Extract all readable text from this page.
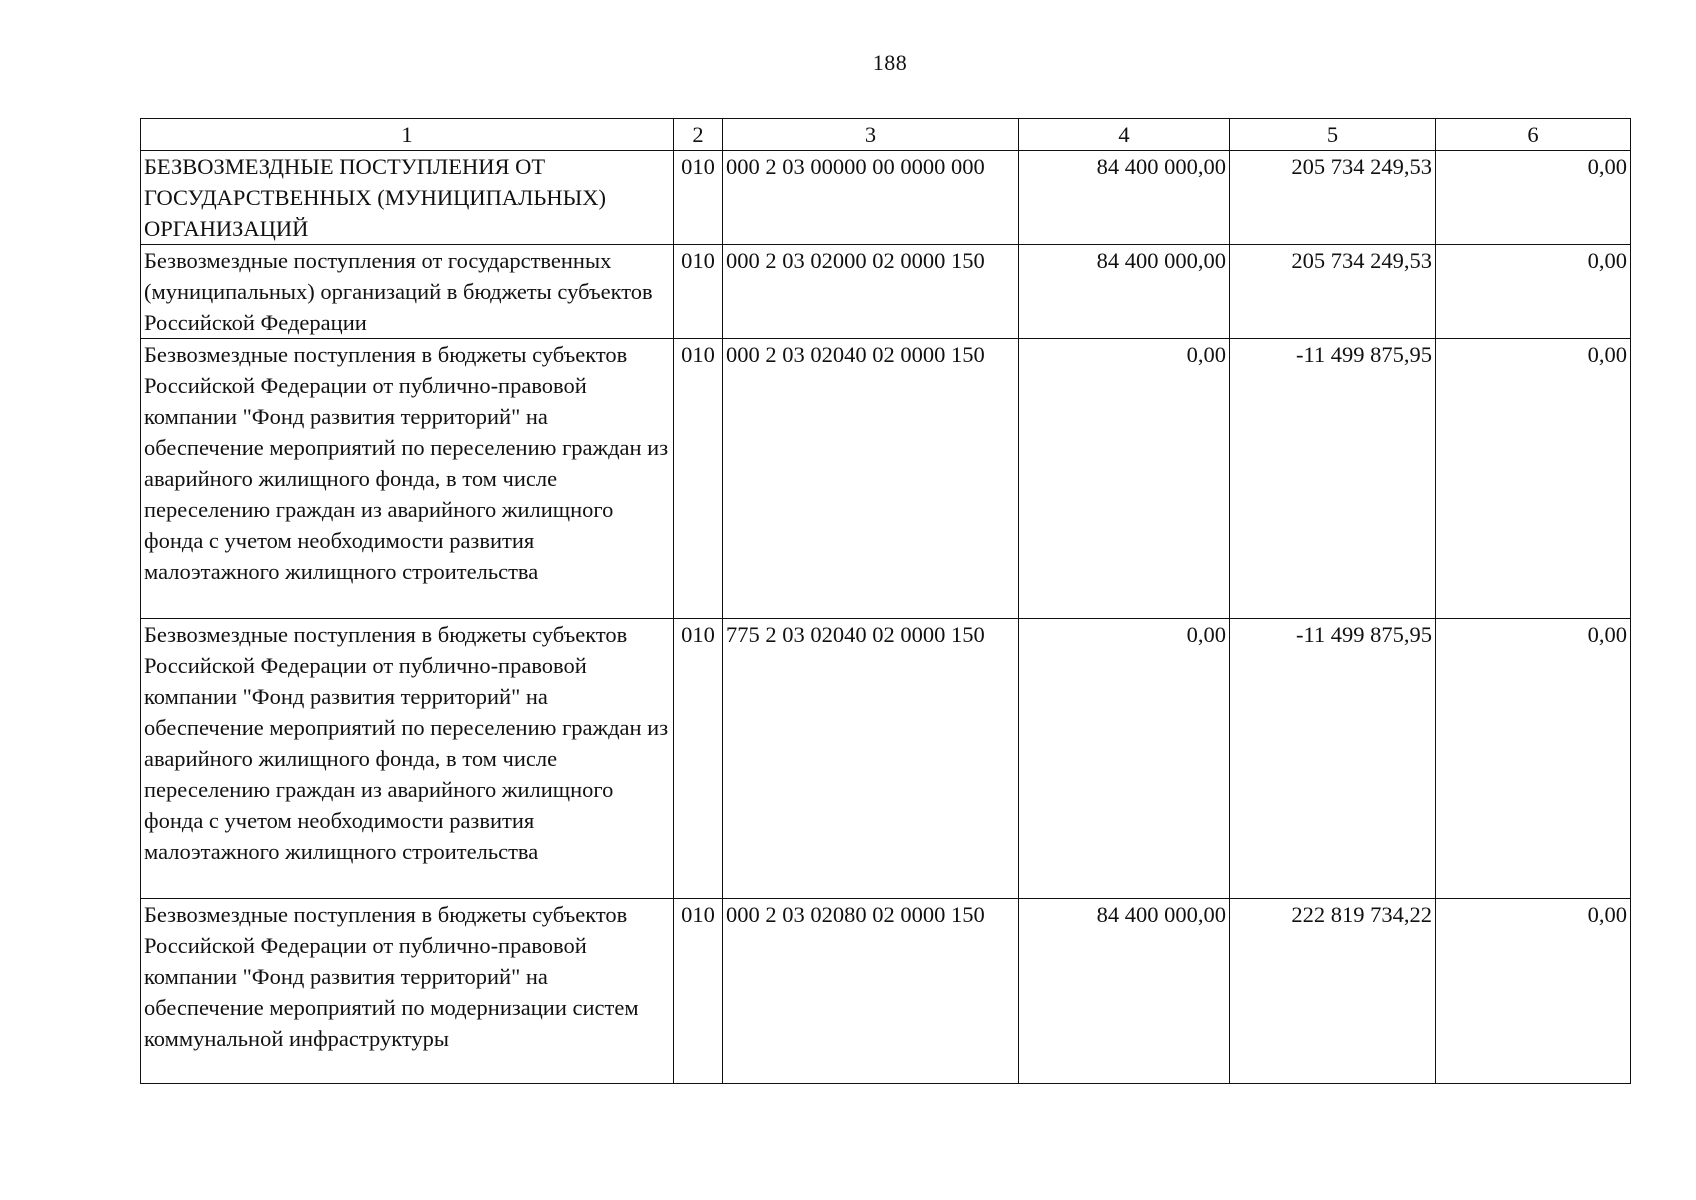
188
1	2	3	4	5	6
БЕЗВОЗМЕЗДНЫЕ ПОСТУПЛЕНИЯ ОТ ГОСУДАРСТВЕННЫХ (МУНИЦИПАЛЬНЫХ) ОРГАНИЗАЦИЙ	010	000 2 03 00000 00 0000 000	84 400 000,00	205 734 249,53	0,00
Безвозмездные поступления от государственных (муниципальных) организаций в бюджеты субъектов Российской Федерации	010	000 2 03 02000 02 0000 150	84 400 000,00	205 734 249,53	0,00
Безвозмездные поступления в бюджеты субъектов Российской Федерации от публично-правовой компании "Фонд развития территорий" на обеспечение мероприятий по переселению граждан из аварийного жилищного фонда, в том числе переселению граждан из аварийного жилищного фонда с учетом необходимости развития малоэтажного жилищного строительства	010	000 2 03 02040 02 0000 150	0,00	-11 499 875,95	0,00
Безвозмездные поступления в бюджеты субъектов Российской Федерации от публично-правовой компании "Фонд развития территорий" на обеспечение мероприятий по переселению граждан из аварийного жилищного фонда, в том числе переселению граждан из аварийного жилищного фонда с учетом необходимости развития малоэтажного жилищного строительства	010	775 2 03 02040 02 0000 150	0,00	-11 499 875,95	0,00
Безвозмездные поступления в бюджеты субъектов Российской Федерации от публично-правовой компании "Фонд развития территорий" на обеспечение мероприятий по модернизации систем коммунальной инфраструктуры	010	000 2 03 02080 02 0000 150	84 400 000,00	222 819 734,22	0,00
